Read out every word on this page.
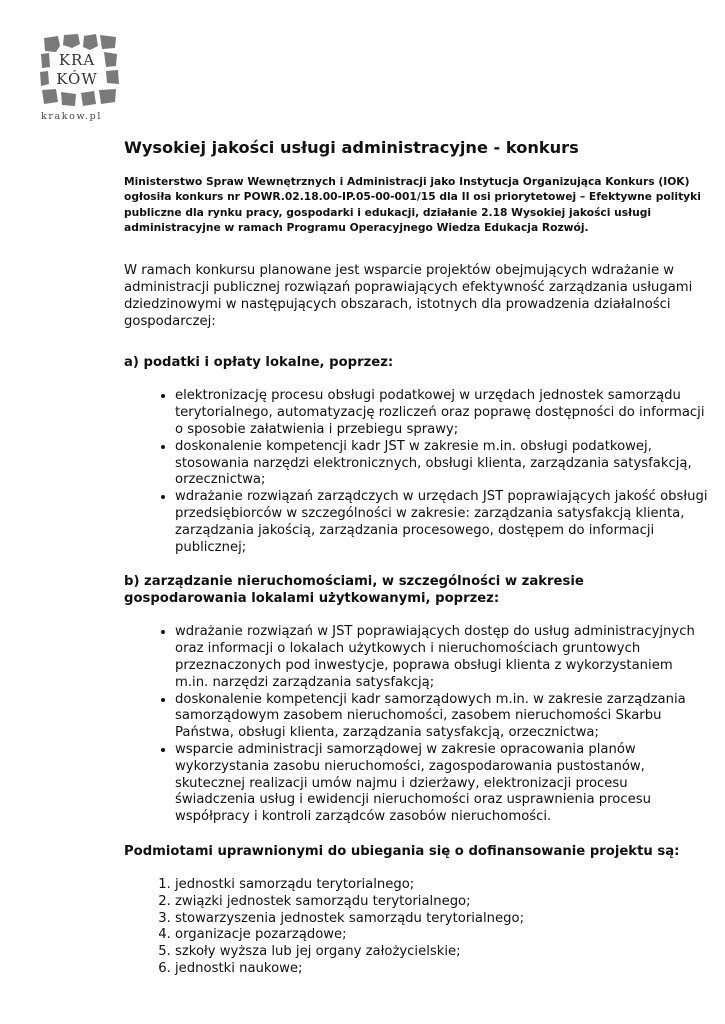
KRA
KÓW
krakow.pl
Wysokiej jakości usługi administracyjne - konkurs
Ministerstwo Spraw Wewnętrznych i Administracji jako Instytucja Organizująca Konkurs (IOK) ogłosiła konkurs nr POWR.02.18.00-IP.05-00-001/15 dla II osi priorytetowej – Efektywne polityki publiczne dla rynku pracy, gospodarki i edukacji, działanie 2.18 Wysokiej jakości usługi administracyjne w ramach Programu Operacyjnego Wiedza Edukacja Rozwój.

W ramach konkursu planowane jest wsparcie projektów obejmujących wdrażanie w administracji publicznej rozwiązań poprawiających efektywność zarządzania usługami dziedzinowymi w następujących obszarach, istotnych dla prowadzenia działalności gospodarczej:

a) podatki i opłaty lokalne, poprzez:
• elektronizację procesu obsługi podatkowej w urzędach jednostek samorządu terytorialnego, automatyzację rozliczeń oraz poprawę dostępności do informacji o sposobie załatwienia i przebiegu sprawy;
• doskonalenie kompetencji kadr JST w zakresie m.in. obsługi podatkowej, stosowania narzędzi elektronicznych, obsługi klienta, zarządzania satysfakcją, orzecznictwa;
• wdrażanie rozwiązań zarządczych w urzędach JST poprawiających jakość obsługi przedsiębiorców w szczególności w zakresie: zarządzania satysfakcją klienta, zarządzania jakością, zarządzania procesowego, dostępem do informacji publicznej;
b) zarządzanie nieruchomościami, w szczególności w zakresie gospodarowania lokalami użytkowanymi, poprzez:
• wdrażanie rozwiązań w JST poprawiających dostęp do usług administracyjnych oraz informacji o lokalach użytkowych i nieruchomościach gruntowych przeznaczonych pod inwestycje, poprawa obsługi klienta z wykorzystaniem m.in. narzędzi zarządzania satysfakcją;
• doskonalenie kompetencji kadr samorządowych m.in. w zakresie zarządzania samorządowym zasobem nieruchomości, zasobem nieruchomości Skarbu Państwa, obsługi klienta, zarządzania satysfakcją, orzecznictwa;
• wsparcie administracji samorządowej w zakresie opracowania planów wykorzystania zasobu nieruchomości, zagospodarowania pustostanów, skutecznej realizacji umów najmu i dzierżawy, elektronizacji procesu świadczenia usług i ewidencji nieruchomości oraz usprawnienia procesu współpracy i kontroli zarządców zasobów nieruchomości.
Podmiotami uprawnionymi do ubiegania się o dofinansowanie projektu są:
1. jednostki samorządu terytorialnego;
2. związki jednostek samorządu terytorialnego;
3. stowarzyszenia jednostek samorządu terytorialnego;
4. organizacje pozarządowe;
5. szkoły wyższa lub jej organy założycielskie;
6. jednostki naukowe;
